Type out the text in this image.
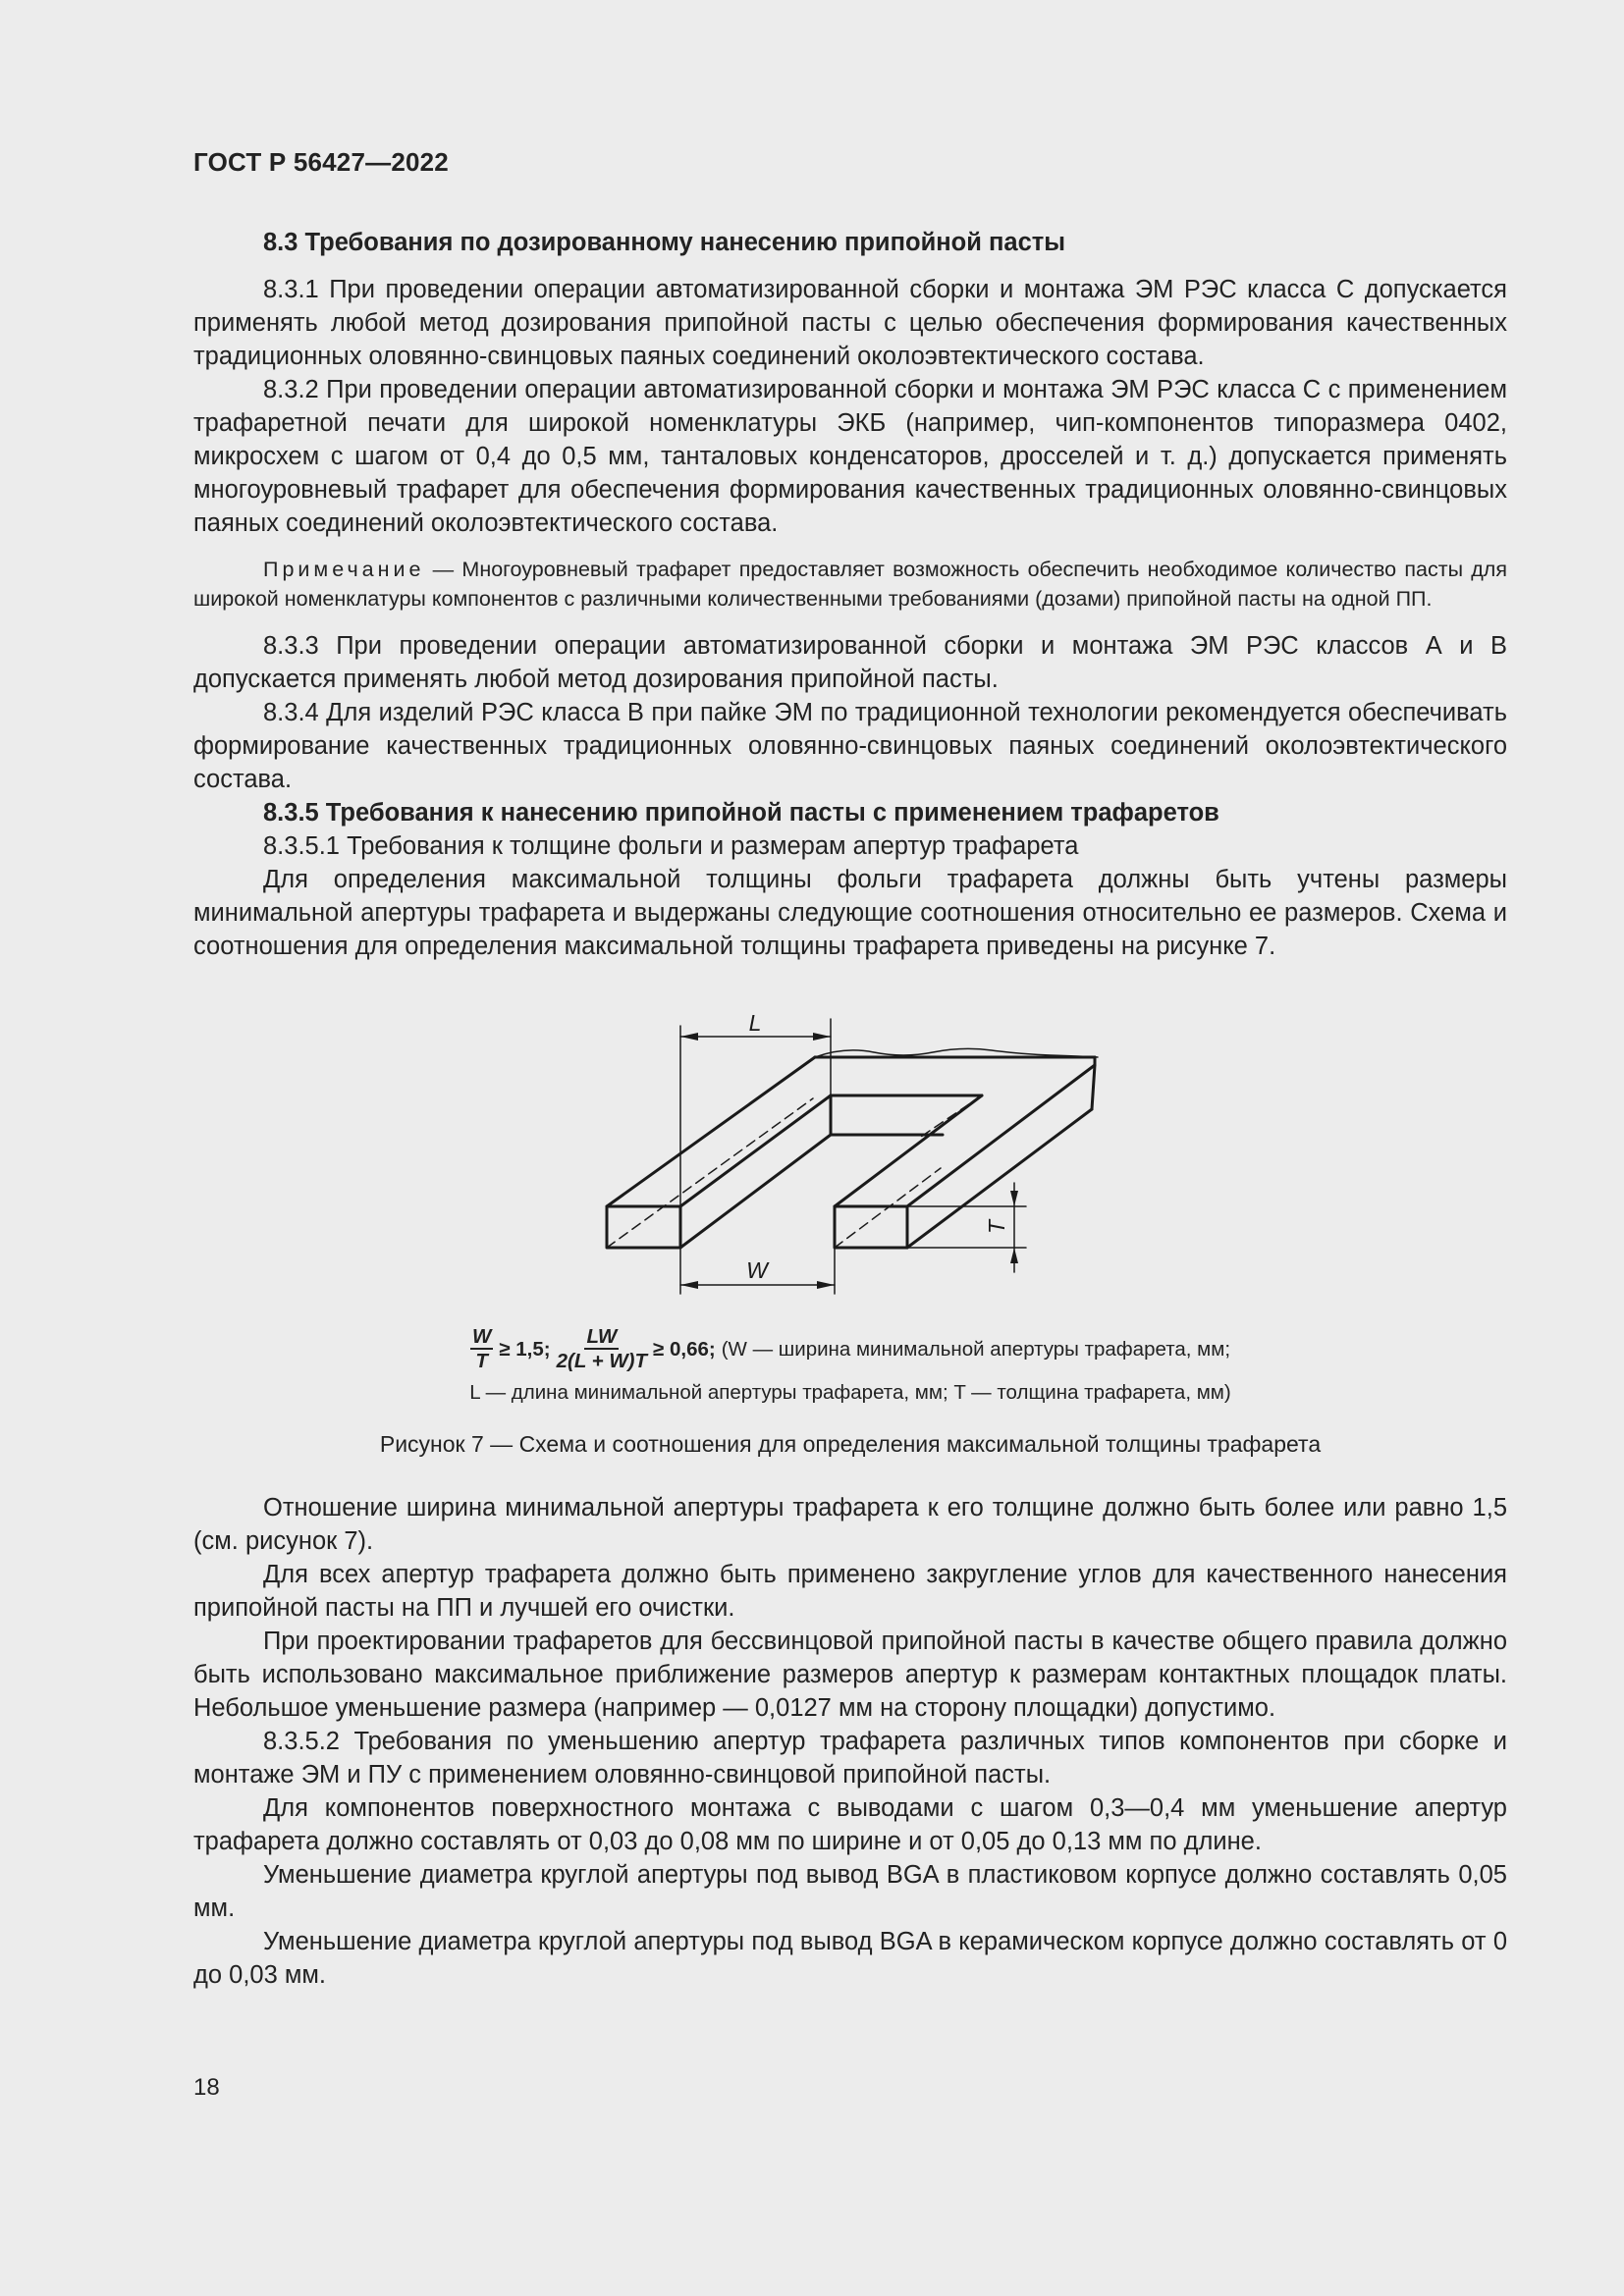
ГОСТ Р 56427—2022

8.3 Требования по дозированному нанесению припойной пасты

8.3.1 При проведении операции автоматизированной сборки и монтажа ЭМ РЭС класса С допускается применять любой метод дозирования припойной пасты с целью обеспечения формирования качественных традиционных оловянно-свинцовых паяных соединений околоэвтектического состава.

8.3.2 При проведении операции автоматизированной сборки и монтажа ЭМ РЭС класса С с применением трафаретной печати для широкой номенклатуры ЭКБ (например, чип-компонентов типоразмера 0402, микросхем с шагом от 0,4 до 0,5 мм, танталовых конденсаторов, дросселей и т. д.) допускается применять многоуровневый трафарет для обеспечения формирования качественных традиционных оловянно-свинцовых паяных соединений околоэвтектического состава.

Примечание — Многоуровневый трафарет предоставляет возможность обеспечить необходимое количество пасты для широкой номенклатуры компонентов с различными количественными требованиями (дозами) припойной пасты на одной ПП.

8.3.3 При проведении операции автоматизированной сборки и монтажа ЭМ РЭС классов А и В допускается применять любой метод дозирования припойной пасты.

8.3.4 Для изделий РЭС класса В при пайке ЭМ по традиционной технологии рекомендуется обеспечивать формирование качественных традиционных оловянно-свинцовых паяных соединений околоэвтектического состава.

8.3.5 Требования к нанесению припойной пасты с применением трафаретов

8.3.5.1 Требования к толщине фольги и размерам апертур трафарета

Для определения максимальной толщины фольги трафарета должны быть учтены размеры минимальной апертуры трафарета и выдержаны следующие соотношения относительно ее размеров. Схема и соотношения для определения максимальной толщины трафарета приведены на рисунке 7.

L
W
T
$\frac{W}{T} \ge 1,5$; $\frac{LW}{2(L + W)T} \ge 0,66$; (W — ширина минимальной апертуры трафарета, мм;
L — длина минимальной апертуры трафарета, мм; T — толщина трафарета, мм)
Рисунок 7 — Схема и соотношения для определения максимальной толщины трафарета

Отношение ширина минимальной апертуры трафарета к его толщине должно быть более или равно 1,5 (см. рисунок 7).

Для всех апертур трафарета должно быть применено закругление углов для качественного нанесения припойной пасты на ПП и лучшей его очистки.

При проектировании трафаретов для бессвинцовой припойной пасты в качестве общего правила должно быть использовано максимальное приближение размеров апертур к размерам контактных площадок платы. Небольшое уменьшение размера (например — 0,0127 мм на сторону площадки) допустимо.

8.3.5.2 Требования по уменьшению апертур трафарета различных типов компонентов при сборке и монтаже ЭМ и ПУ с применением оловянно-свинцовой припойной пасты.

Для компонентов поверхностного монтажа с выводами с шагом 0,3—0,4 мм уменьшение апертур трафарета должно составлять от 0,03 до 0,08 мм по ширине и от 0,05 до 0,13 мм по длине.

Уменьшение диаметра круглой апертуры под вывод BGA в пластиковом корпусе должно составлять 0,05 мм.

Уменьшение диаметра круглой апертуры под вывод BGA в керамическом корпусе должно составлять от 0 до 0,03 мм.

18
